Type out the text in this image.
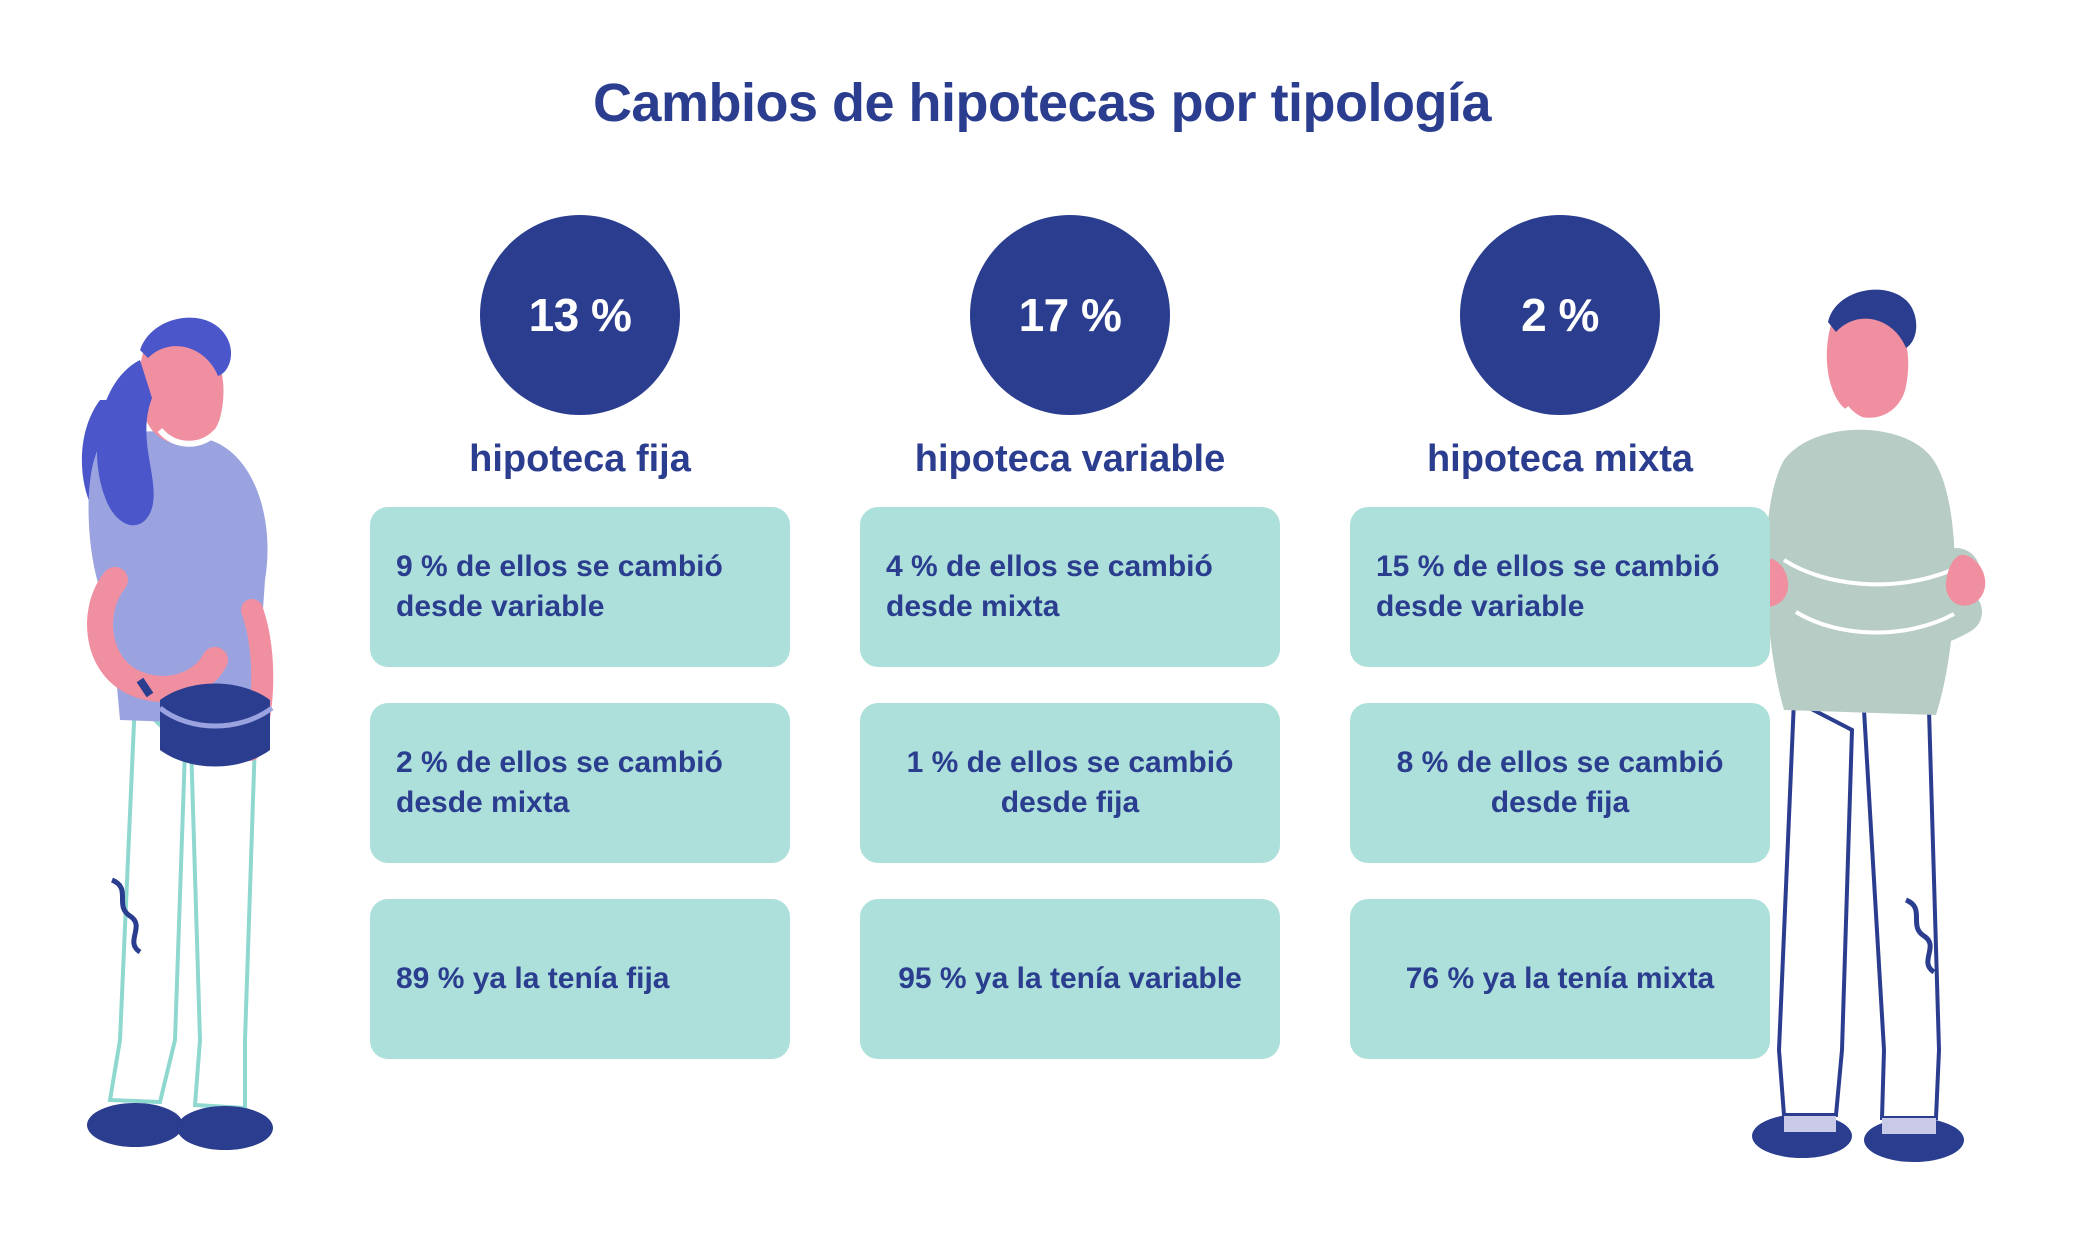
Cambios de hipotecas por tipología
13 %
hipoteca fija
9 % de ellos se cambió desde variable
2 % de ellos se cambió desde mixta
89 % ya la tenía fija
17 %
hipoteca variable
4 % de ellos se cambió desde mixta
1 % de ellos se cambió desde fija
95 % ya la tenía variable
2 %
hipoteca mixta
15 % de ellos se cambió desde variable
8 % de ellos se cambió desde fija
76 % ya la tenía mixta
